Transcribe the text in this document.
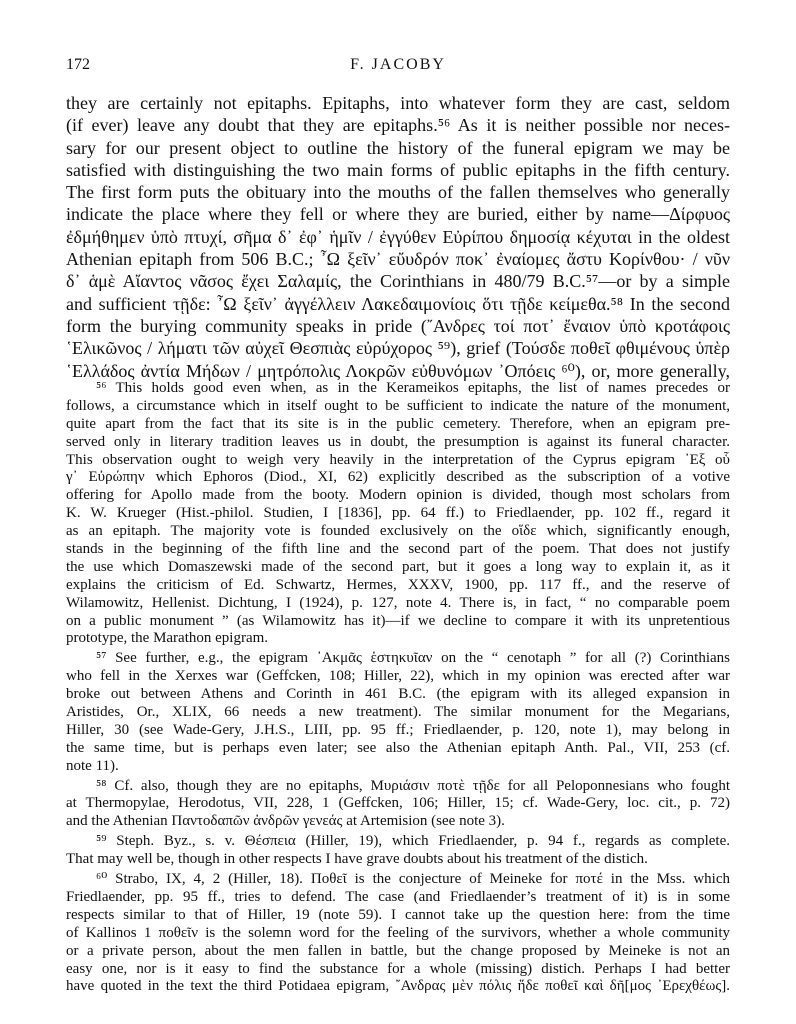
172	F. JACOBY
they are certainly not epitaphs. Epitaphs, into whatever form they are cast, seldom
(if ever) leave any doubt that they are epitaphs.⁵⁶ As it is neither possible nor neces-
sary for our present object to outline the history of the funeral epigram we may be
satisfied with distinguishing the two main forms of public epitaphs in the fifth century.
The first form puts the obituary into the mouths of the fallen themselves who generally
indicate the place where they fell or where they are buried, either by name—Δίρφυος
ἐδμήθημεν ὑπὸ πτυχί, σῆμα δ᾽ ἐφ᾽ ἡμῖν / ἐγγύθεν Εὐρίπου δημοσίᾳ κέχυται in the oldest
Athenian epitaph from 506 B.C.; ῏Ω ξεῖν᾽ εὔυδρόν ποκ᾽ ἐναίομες ἄστυ Κορίνθου· / νῦν
δ᾽ ἁμὲ Αἴαντος νᾶσος ἔχει Σαλαμίς, the Corinthians in 480/79 B.C.⁵⁷—or by a simple
and sufficient τῇδε: ῏Ω ξεῖν᾽ ἀγγέλλειν Λακεδαιμονίοις ὅτι τῇδε κείμεθα.⁵⁸ In the second
form the burying community speaks in pride (῎Ανδρες τοί ποτ᾽ ἔναιον ὑπὸ κροτάφοις
῾Ελικῶνος / λήματι τῶν αὐχεῖ Θεσπιὰς εὐρύχορος ⁵⁹), grief (Τούσδε ποθεῖ φθιμένους ὑπὲρ
῾Ελλάδος ἀντία Μήδων / μητρόπολις Λοκρῶν εὐθυνόμων ᾿Οπόεις ⁶⁰), or, more generally,
⁵⁶ This holds good even when, as in the Kerameikos epitaphs, the list of names precedes or
follows, a circumstance which in itself ought to be sufficient to indicate the nature of the monument,
quite apart from the fact that its site is in the public cemetery. Therefore, when an epigram pre-
served only in literary tradition leaves us in doubt, the presumption is against its funeral character.
This observation ought to weigh very heavily in the interpretation of the Cyprus epigram ᾿Εξ οὗ
γ᾽ Εὐρώπην which Ephoros (Diod., XI, 62) explicitly described as the subscription of a votive
offering for Apollo made from the booty. Modern opinion is divided, though most scholars from
K. W. Krueger (Hist.-philol. Studien, I [1836], pp. 64 ff.) to Friedlaender, pp. 102 ff., regard it
as an epitaph. The majority vote is founded exclusively on the οἵδε which, significantly enough,
stands in the beginning of the fifth line and the second part of the poem. That does not justify
the use which Domaszewski made of the second part, but it goes a long way to explain it, as it
explains the criticism of Ed. Schwartz, Hermes, XXXV, 1900, pp. 117 ff., and the reserve of
Wilamowitz, Hellenist. Dichtung, I (1924), p. 127, note 4. There is, in fact, “ no comparable poem
on a public monument ” (as Wilamowitz has it)—if we decline to compare it with its unpretentious
prototype, the Marathon epigram.
⁵⁷ See further, e.g., the epigram ᾿Ακμᾶς ἑστηκυῖαν on the “ cenotaph ” for all (?) Corinthians
who fell in the Xerxes war (Geffcken, 108; Hiller, 22), which in my opinion was erected after war
broke out between Athens and Corinth in 461 B.C. (the epigram with its alleged expansion in
Aristides, Or., XLIX, 66 needs a new treatment). The similar monument for the Megarians,
Hiller, 30 (see Wade-Gery, J.H.S., LIII, pp. 95 ff.; Friedlaender, p. 120, note 1), may belong in
the same time, but is perhaps even later; see also the Athenian epitaph Anth. Pal., VII, 253 (cf.
note 11).
⁵⁸ Cf. also, though they are no epitaphs, Μυριάσιν ποτὲ τῇδε for all Peloponnesians who fought
at Thermopylae, Herodotus, VII, 228, 1 (Geffcken, 106; Hiller, 15; cf. Wade-Gery, loc. cit., p. 72)
and the Athenian Παντοδαπῶν ἀνδρῶν γενεάς at Artemision (see note 3).
⁵⁹ Steph. Byz., s. v. Θέσπεια (Hiller, 19), which Friedlaender, p. 94 f., regards as complete.
That may well be, though in other respects I have grave doubts about his treatment of the distich.
⁶⁰ Strabo, IX, 4, 2 (Hiller, 18). Ποθεῖ is the conjecture of Meineke for ποτέ in the Mss. which
Friedlaender, pp. 95 ff., tries to defend. The case (and Friedlaender’s treatment of it) is in some
respects similar to that of Hiller, 19 (note 59). I cannot take up the question here: from the time
of Kallinos 1 ποθεῖν is the solemn word for the feeling of the survivors, whether a whole community
or a private person, about the men fallen in battle, but the change proposed by Meineke is not an
easy one, nor is it easy to find the substance for a whole (missing) distich. Perhaps I had better
have quoted in the text the third Potidaea epigram, ῎Ανδρας μὲν πόλις ἥδε ποθεῖ καὶ δῆ[μος ᾿Ερεχθέως].
